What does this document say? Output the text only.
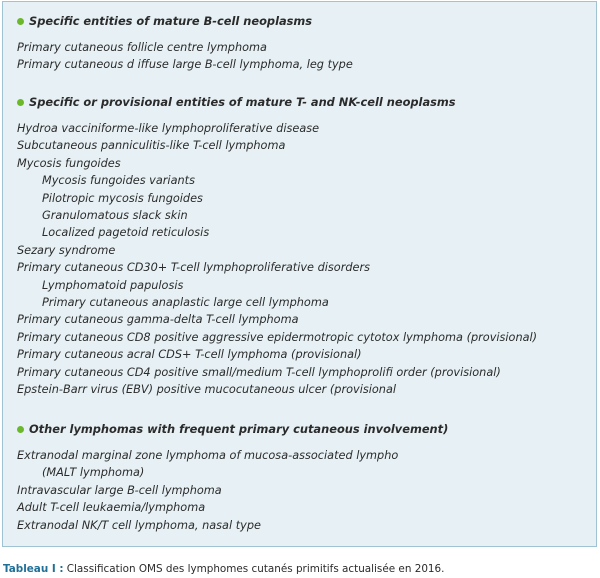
Specific entities of mature B-cell neoplasms
Primary cutaneous follicle centre lymphoma
Primary cutaneous d iffuse large B-cell lymphoma, leg type
Specific or provisional entities of mature T- and NK-cell neoplasms
Hydroa vacciniforme-like lymphoproliferative disease
Subcutaneous panniculitis-like T-cell lymphoma
Mycosis fungoides
Mycosis fungoides variants
Pilotropic mycosis fungoides
Granulomatous slack skin
Localized pagetoid reticulosis
Sezary syndrome
Primary cutaneous CD30+ T-cell lymphoproliferative disorders
Lymphomatoid papulosis
Primary cutaneous anaplastic large cell lymphoma
Primary cutaneous gamma-delta T-cell lymphoma
Primary cutaneous CD8 positive aggressive epidermotropic cytotox lymphoma (provisional)
Primary cutaneous acral CDS+ T-cell lymphoma (provisional)
Primary cutaneous CD4 positive small/medium T-cell lymphoprolifi order (provisional)
Epstein-Barr virus (EBV) positive mucocutaneous ulcer (provisional
Other lymphomas with frequent primary cutaneous involvement)
Extranodal marginal zone lymphoma of mucosa-associated lympho
(MALT lymphoma)
Intravascular large B-cell lymphoma
Adult T-cell leukaemia/lymphoma
Extranodal NK/T cell lymphoma, nasal type
Tableau I : Classification OMS des lymphomes cutanés primitifs actualisée en 2016.
